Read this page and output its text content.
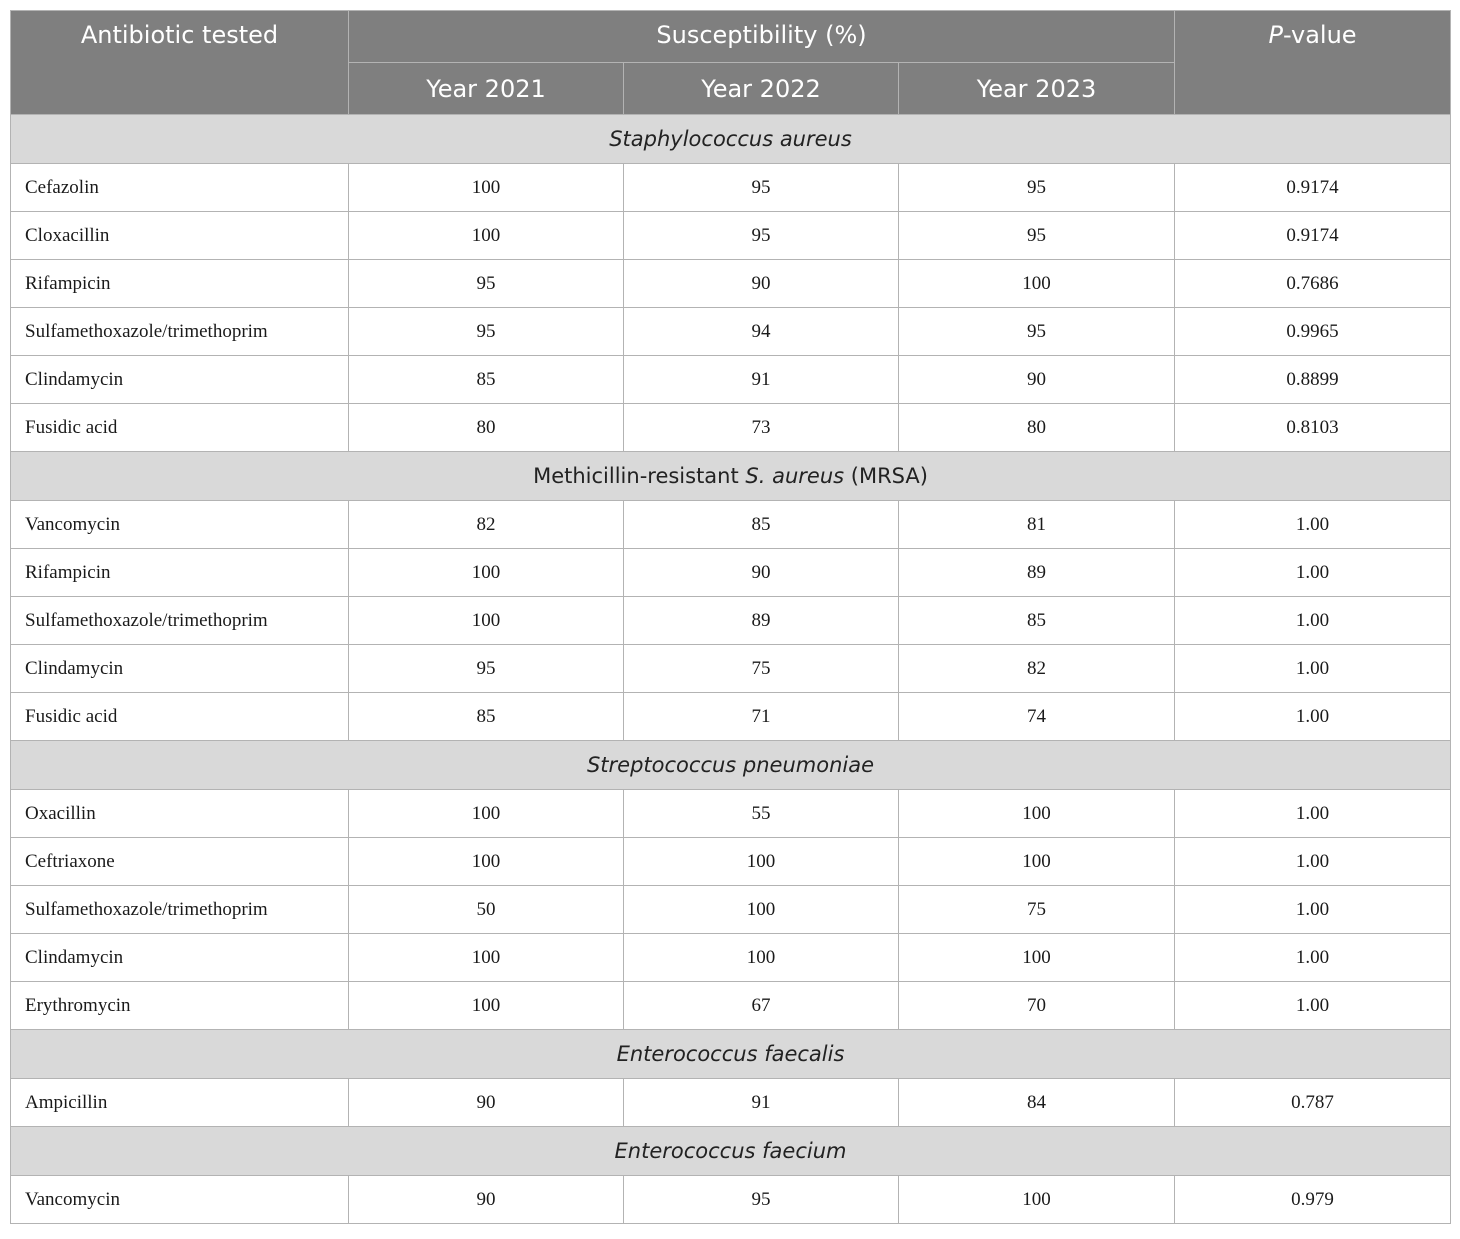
Antibiotic tested	Susceptibility (%)			P-value
	Year 2021	Year 2022	Year 2023	
Staphylococcus aureus				
Cefazolin	100	95	95	0.9174
Cloxacillin	100	95	95	0.9174
Rifampicin	95	90	100	0.7686
Sulfamethoxazole/trimethoprim	95	94	95	0.9965
Clindamycin	85	91	90	0.8899
Fusidic acid	80	73	80	0.8103
Methicillin-resistant S. aureus (MRSA)				
Vancomycin	82	85	81	1.00
Rifampicin	100	90	89	1.00
Sulfamethoxazole/trimethoprim	100	89	85	1.00
Clindamycin	95	75	82	1.00
Fusidic acid	85	71	74	1.00
Streptococcus pneumoniae				
Oxacillin	100	55	100	1.00
Ceftriaxone	100	100	100	1.00
Sulfamethoxazole/trimethoprim	50	100	75	1.00
Clindamycin	100	100	100	1.00
Erythromycin	100	67	70	1.00
Enterococcus faecalis				
Ampicillin	90	91	84	0.787
Enterococcus faecium				
Vancomycin	90	95	100	0.979
